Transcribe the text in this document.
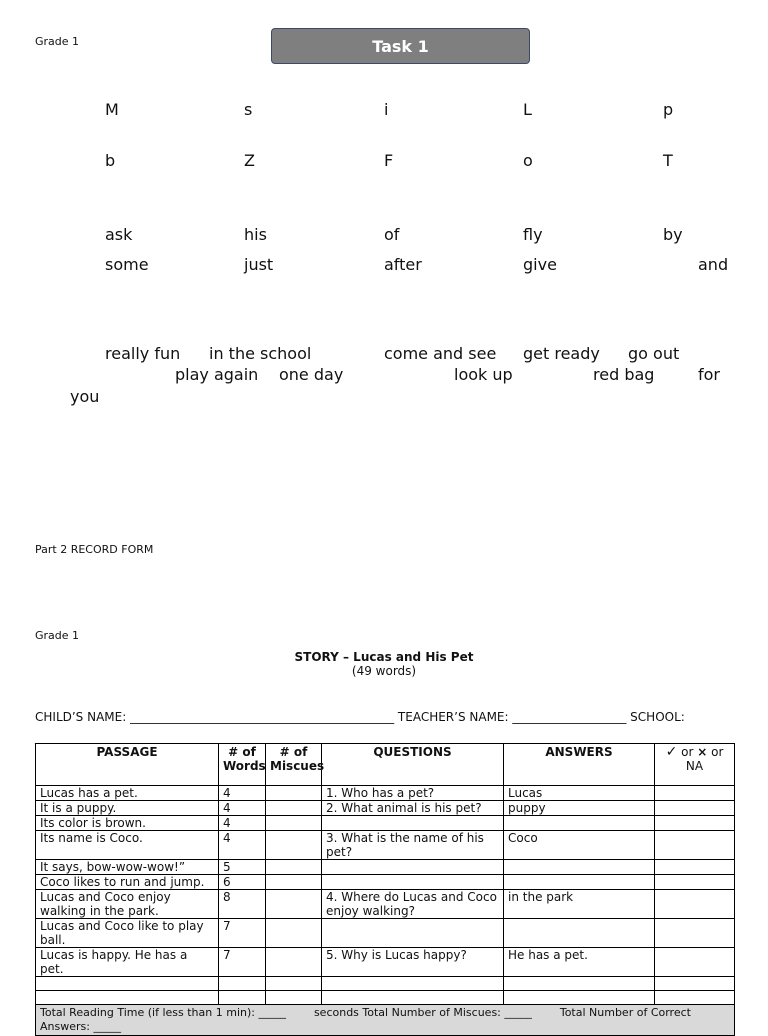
Grade 1	Task 1
M	s	i	L	p
b	Z	F	o	T
ask	his	of	fly	by
some	just	after	give	and
really fun in the school	come and see get ready go out
play again one day	look up	red bag	for
you
Part 2 RECORD FORM
Grade 1
STORY – Lucas and His Pet
(49 words)
CHILD’S NAME: ____________________________________________ TEACHER’S NAME: ___________________ SCHOOL: ___________________
PASSAGE	# of Words	# of Miscues	QUESTIONS	ANSWERS	✓ or × or
NA
Lucas has a pet.	4		1. Who has a pet?	Lucas	
It is a puppy.	4		2. What animal is his pet?	puppy	
Its color is brown.	4				
Its name is Coco.	4		3. What is the name of his pet?	Coco	
It says, bow-wow-wow!”	5				
Coco likes to run and jump.	6				
Lucas and Coco enjoy walking in the park.	8		4. Where do Lucas and Coco enjoy walking?	in the park	
Lucas and Coco like to play ball.	7				
Lucas is happy. He has a pet.	7		5. Why is Lucas happy?	He has a pet.	

Total Reading Time (if less than 1 min): _____        seconds Total Number of Miscues: _____        Total Number of Correct Answers: _____					
